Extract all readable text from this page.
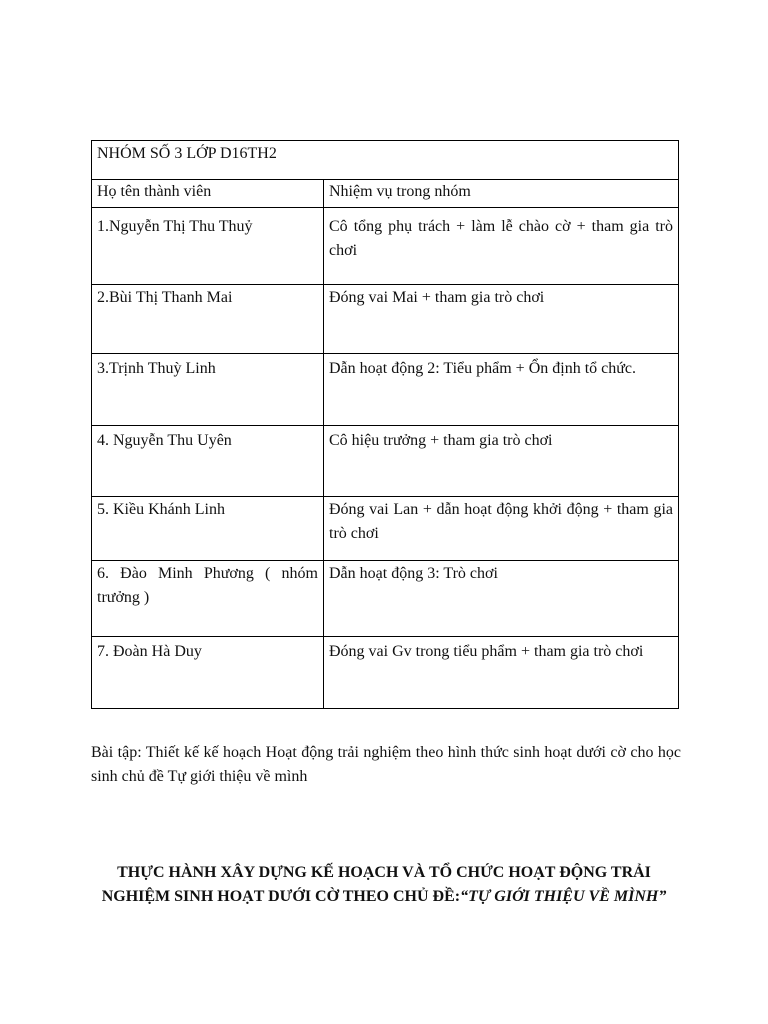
NHÓM SỐ 3 LỚP D16TH2	
Họ tên thành viên	Nhiệm vụ trong nhóm
1.Nguyễn Thị Thu Thuỷ	Cô tổng phụ trách + làm lễ chào cờ + tham gia trò chơi
2.Bùi Thị Thanh Mai	Đóng vai Mai + tham gia trò chơi
3.Trịnh Thuỳ Linh	Dẫn hoạt động 2: Tiểu phẩm + Ổn định tổ chức.
4. Nguyễn Thu Uyên	Cô hiệu trưởng + tham gia trò chơi
5. Kiều Khánh Linh	Đóng vai Lan + dẫn hoạt động khởi động + tham gia trò chơi
6. Đào Minh Phương ( nhóm trưởng )	Dẫn hoạt động 3: Trò chơi
7. Đoàn Hà Duy	Đóng vai Gv trong tiểu phẩm + tham gia trò chơi

Bài tập: Thiết kế kế hoạch Hoạt động trải nghiệm theo hình thức sinh hoạt dưới cờ cho học sinh chủ đề Tự giới thiệu về mình

THỰC HÀNH XÂY DỰNG KẾ HOẠCH VÀ TỔ CHỨC HOẠT ĐỘNG TRẢI NGHIỆM SINH HOẠT DƯỚI CỜ THEO CHỦ ĐỀ:“TỰ GIỚI THIỆU VỀ MÌNH”
